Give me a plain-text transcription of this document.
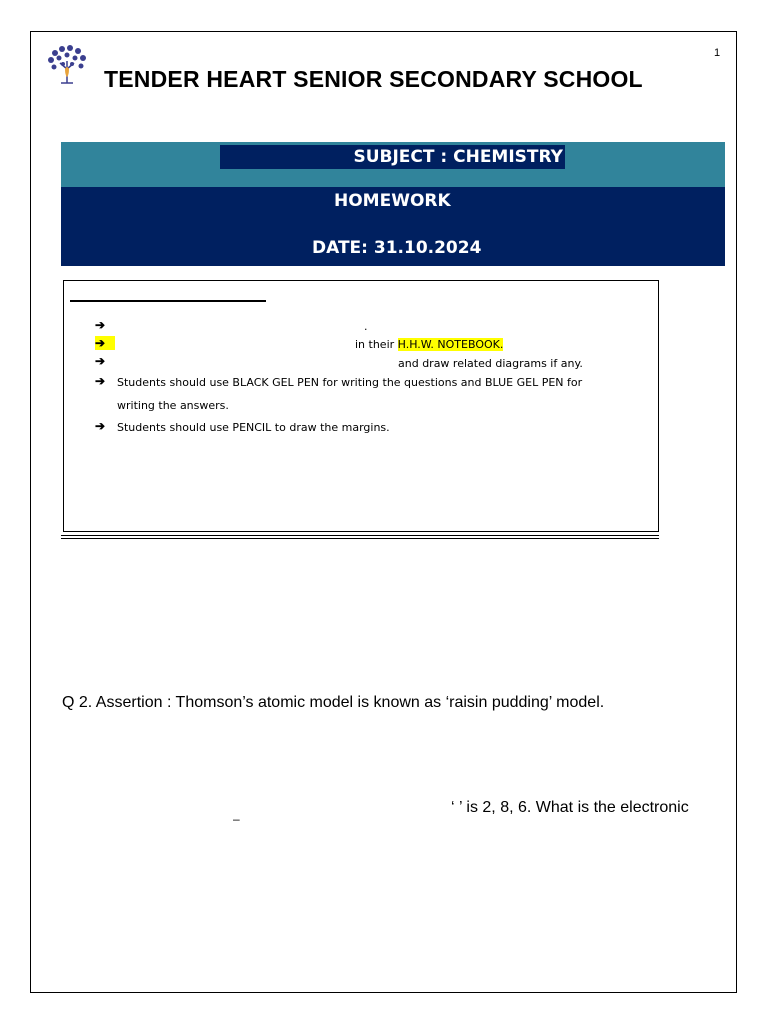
1
TENDER HEART SENIOR SECONDARY SCHOOL
SUBJECT : CHEMISTRY
HOMEWORK
DATE: 31.10.2024
➔	.
➔	in their H.H.W. NOTEBOOK.
➔	and draw related diagrams if any.
➔ Students should use BLACK GEL PEN for writing the questions and BLUE GEL PEN for
writing the answers.
➔ Students should use PENCIL to draw the margins.
Q 2. Assertion : Thomson’s atomic model is known as ‘raisin pudding’ model.
‘ ’ is 2, 8, 6. What is the electronic
–
